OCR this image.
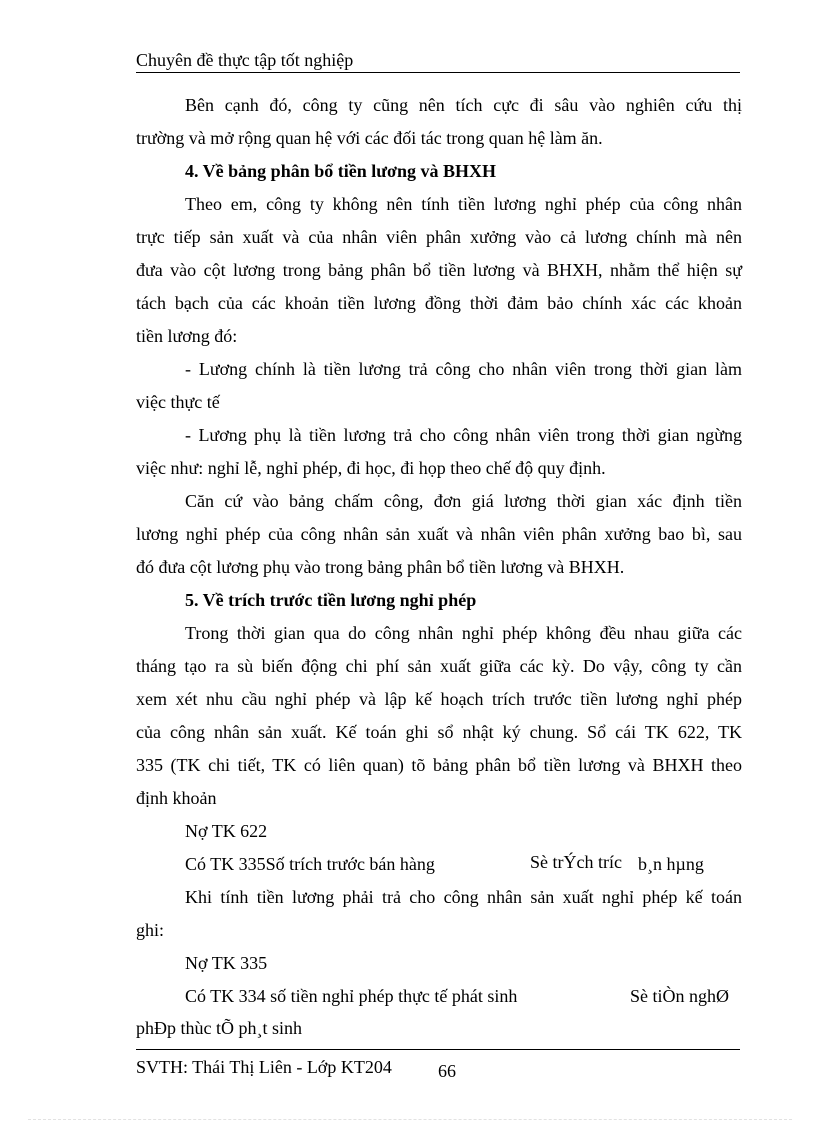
Chuyên đề thực tập tốt nghiệp
Bên cạnh đó, công ty cũng nên tích cực đi sâu vào nghiên cứu thị
trường và mở rộng quan hệ với các đối tác trong quan hệ làm ăn.
4. Về bảng phân bổ tiền lương và BHXH
Theo em, công ty không nên tính tiền lương nghỉ phép của công nhân
trực tiếp sản xuất và của nhân viên phân xưởng vào cả lương chính mà nên
đưa vào cột lương trong bảng phân bổ tiền lương và BHXH, nhằm thể hiện sự
tách bạch của các khoản tiền lương đồng thời đảm bảo chính xác các khoản
tiền lương đó:
- Lương chính là tiền lương trả công cho nhân viên trong thời gian làm
việc thực tế
- Lương phụ là tiền lương trả cho công nhân viên trong thời gian ngừng
việc như: nghỉ lễ, nghỉ phép, đi học, đi họp theo chế độ quy định.
Căn cứ vào bảng chấm công, đơn giá lương thời gian xác định tiền
lương nghỉ phép của công nhân sản xuất và nhân viên phân xưởng bao bì, sau
đó đưa cột lương phụ vào trong bảng phân bổ tiền lương và BHXH.
5. Về trích trước tiền lương nghỉ phép
Trong thời gian qua do công nhân nghỉ phép không đều nhau giữa các
tháng tạo ra sù biến động chi phí sản xuất giữa các kỳ. Do vậy, công ty cần
xem xét nhu cầu nghỉ phép và lập kế hoạch trích trước tiền lương nghỉ phép
của công nhân sản xuất. Kế toán ghi sổ nhật ký chung. Sổ cái TK 622, TK
335 (TK chi tiết, TK có liên quan) tõ bảng phân bổ tiền lương và BHXH theo
định khoản
Nợ TK 622
Có TK 335Số trích trước bán hàng	Sè trÝch tríc b¸n hµng
Khi tính tiền lương phải trả cho công nhân sản xuất nghỉ phép kế toán
ghi:
Nợ TK 335
Có TK 334 số tiền nghỉ phép thực tế phát sinh	Sè tiÒn nghØ
phÐp thùc tÕ ph¸t sinh
SVTH: Thái Thị Liên - Lớp KT204	66
